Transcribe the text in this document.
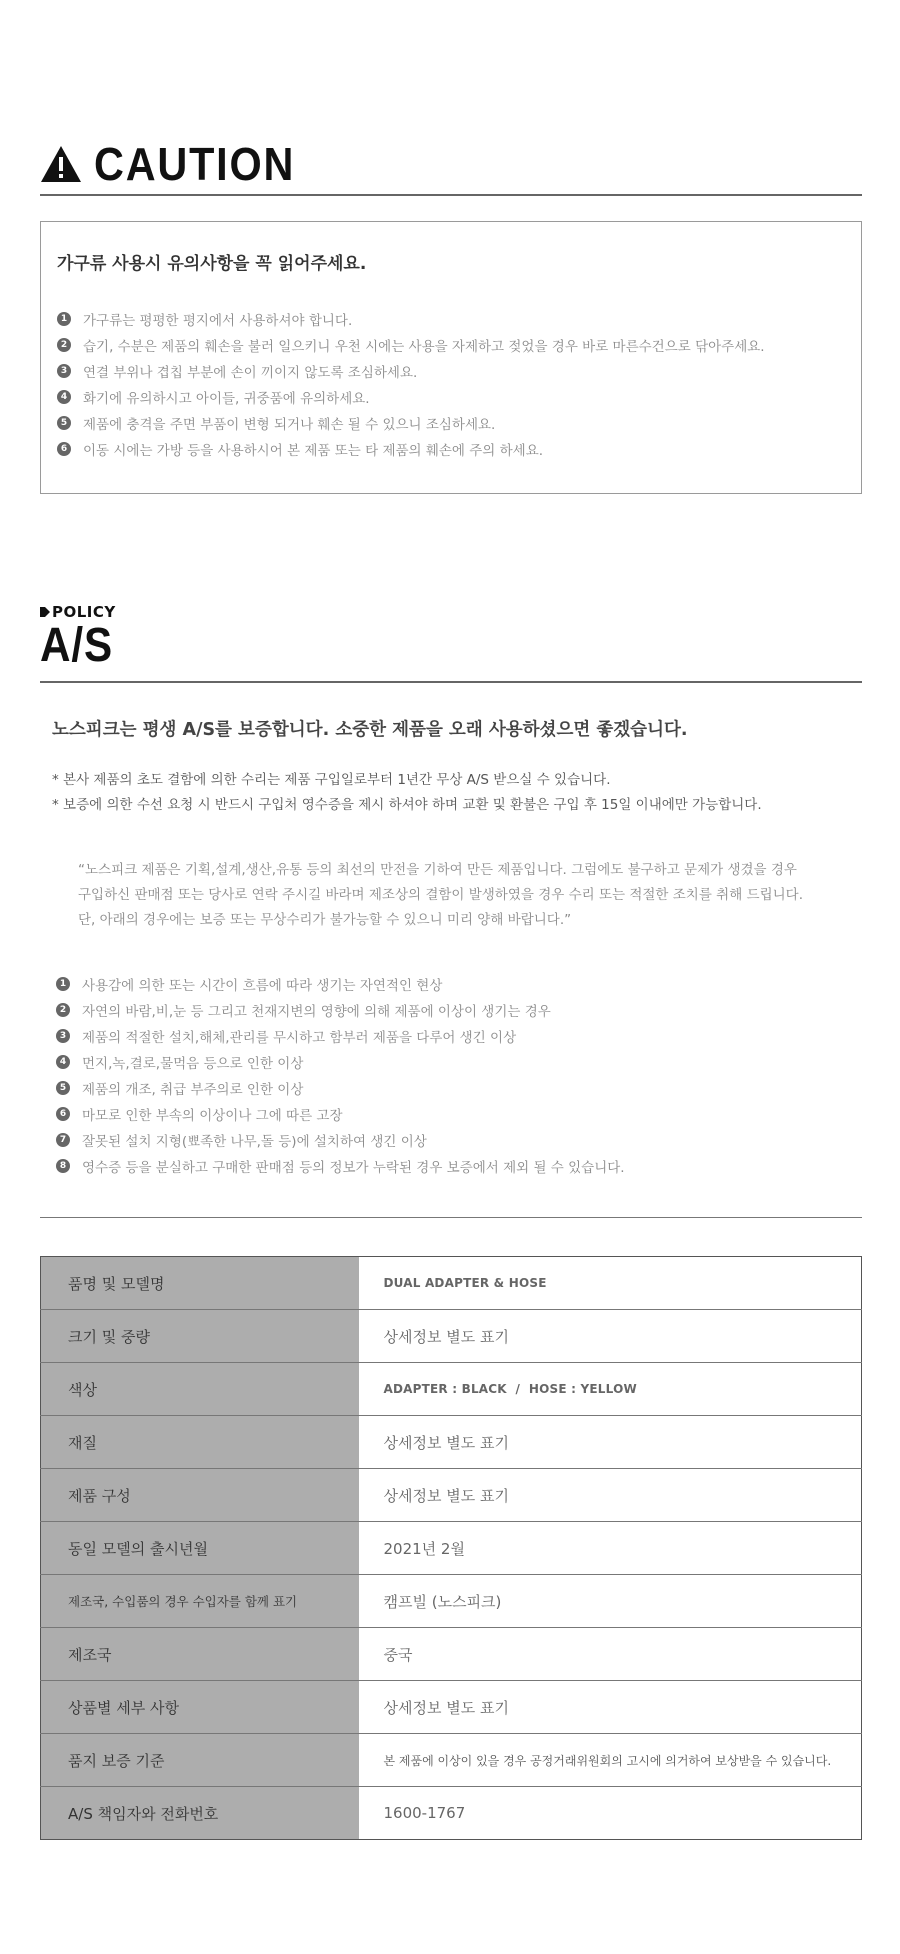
CAUTION
가구류 사용시 유의사항을 꼭 읽어주세요.
1 가구류는 평평한 평지에서 사용하셔야 합니다.
2 습기, 수분은 제품의 훼손을 불러 일으키니 우천 시에는 사용을 자제하고 젖었을 경우 바로 마른수건으로 닦아주세요.
3 연결 부위나 겹칩 부분에 손이 끼이지 않도록 조심하세요.
4 화기에 유의하시고 아이들, 귀중품에 유의하세요.
5 제품에 충격을 주면 부품이 변형 되거나 훼손 될 수 있으니 조심하세요.
6 이동 시에는 가방 등을 사용하시어 본 제품 또는 타 제품의 훼손에 주의 하세요.
POLICY
A/S
노스피크는 평생 A/S를 보증합니다. 소중한 제품을 오래 사용하셨으면 좋겠습니다.

* 본사 제품의 초도 결함에 의한 수리는 제품 구입일로부터 1년간 무상 A/S 받으실 수 있습니다.

* 보증에 의한 수선 요청 시 반드시 구입처 영수증을 제시 하셔야 하며 교환 및 환불은 구입 후 15일 이내에만 가능합니다.

“노스피크 제품은 기획,설계,생산,유통 등의 최선의 만전을 기하여 만든 제품입니다. 그럼에도 불구하고 문제가 생겼을 경우

구입하신 판매점 또는 당사로 연락 주시길 바라며 제조상의 결함이 발생하였을 경우 수리 또는 적절한 조치를 취해 드립니다.

단, 아래의 경우에는 보증 또는 무상수리가 불가능할 수 있으니 미리 양해 바랍니다.”

1 사용감에 의한 또는 시간이 흐름에 따라 생기는 자연적인 현상
2 자연의 바람,비,눈 등 그리고 천재지변의 영향에 의해 제품에 이상이 생기는 경우
3 제품의 적절한 설치,해체,관리를 무시하고 함부러 제품을 다루어 생긴 이상
4 먼지,녹,결로,물먹음 등으로 인한 이상
5 제품의 개조, 취급 부주의로 인한 이상
6 마모로 인한 부속의 이상이나 그에 따른 고장
7 잘못된 설치 지형(뾰족한 나무,돌 등)에 설치하여 생긴 이상
8 영수증 등을 분실하고 구매한 판매점 등의 정보가 누락된 경우 보증에서 제외 될 수 있습니다.
품명 및 모델명	DUAL ADAPTER & HOSE
크기 및 중량	상세정보 별도 표기
색상	ADAPTER : BLACK  /  HOSE : YELLOW
재질	상세정보 별도 표기
제품 구성	상세정보 별도 표기
동일 모델의 출시년월	2021년 2월
제조국, 수입품의 경우 수입자를 함께 표기	캠프빌 (노스피크)
제조국	중국
상품별 세부 사항	상세정보 별도 표기
품지 보증 기준	본 제품에 이상이 있을 경우 공정거래위원회의 고시에 의거하여 보상받을 수 있습니다.
A/S 책임자와 전화번호	1600-1767
